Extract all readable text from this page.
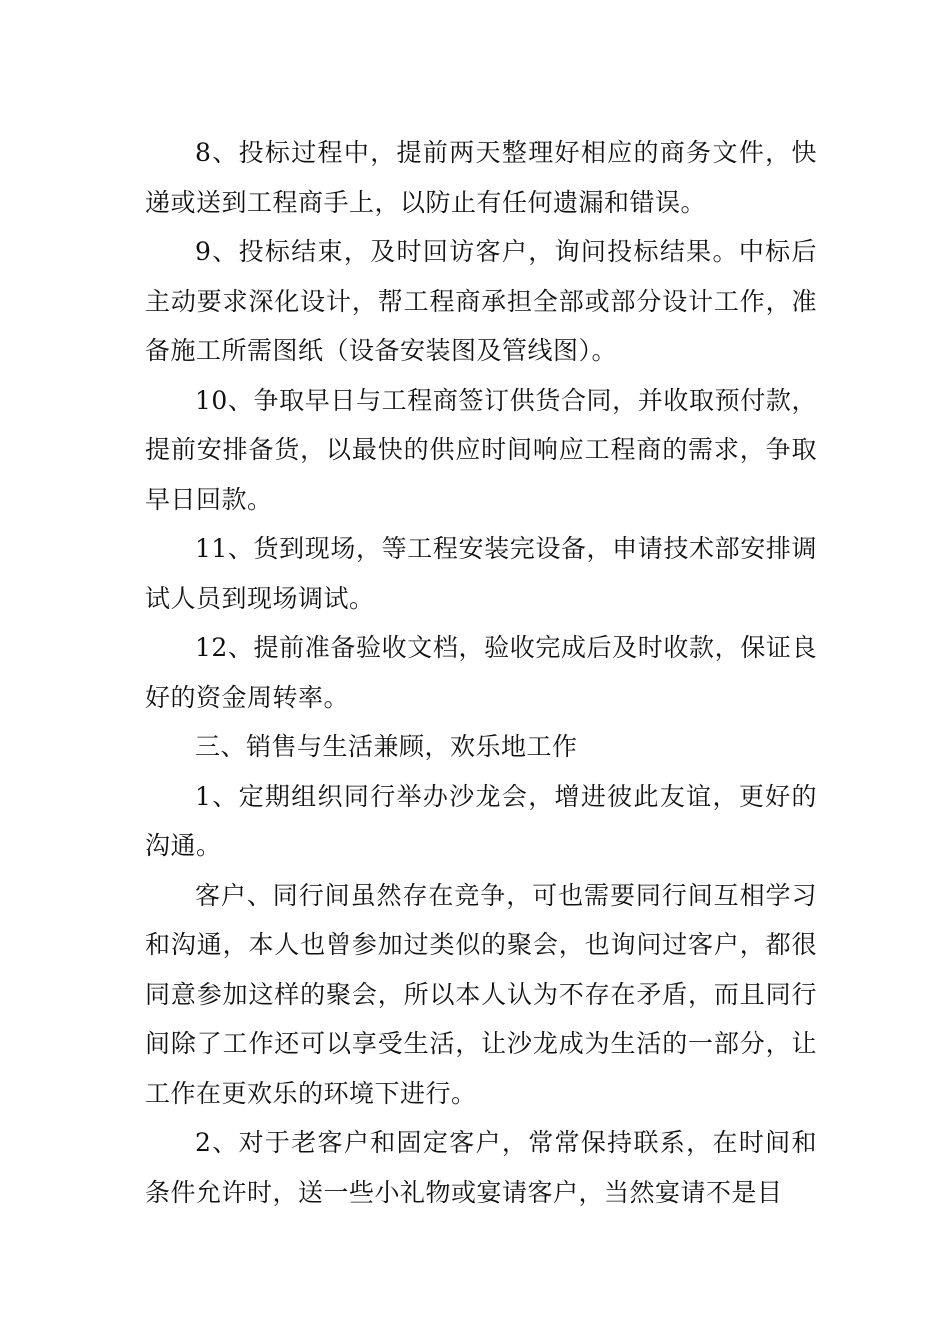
8、投标过程中，提前两天整理好相应的商务文件，快递或送到工程商手上，以防止有任何遗漏和错误。

9、投标结束，及时回访客户，询问投标结果。中标后主动要求深化设计，帮工程商承担全部或部分设计工作，准备施工所需图纸（设备安装图及管线图）。

10、争取早日与工程商签订供货合同，并收取预付款，提前安排备货，以最快的供应时间响应工程商的需求，争取早日回款。

11、货到现场，等工程安装完设备，申请技术部安排调试人员到现场调试。

12、提前准备验收文档，验收完成后及时收款，保证良好的资金周转率。

三、销售与生活兼顾，欢乐地工作

1、定期组织同行举办沙龙会，增进彼此友谊，更好的沟通。

客户、同行间虽然存在竞争，可也需要同行间互相学习和沟通，本人也曾参加过类似的聚会，也询问过客户，都很同意参加这样的聚会，所以本人认为不存在矛盾，而且同行间除了工作还可以享受生活，让沙龙成为生活的一部分，让工作在更欢乐的环境下进行。

2、对于老客户和固定客户，常常保持联系，在时间和条件允许时，送一些小礼物或宴请客户，当然宴请不是目
